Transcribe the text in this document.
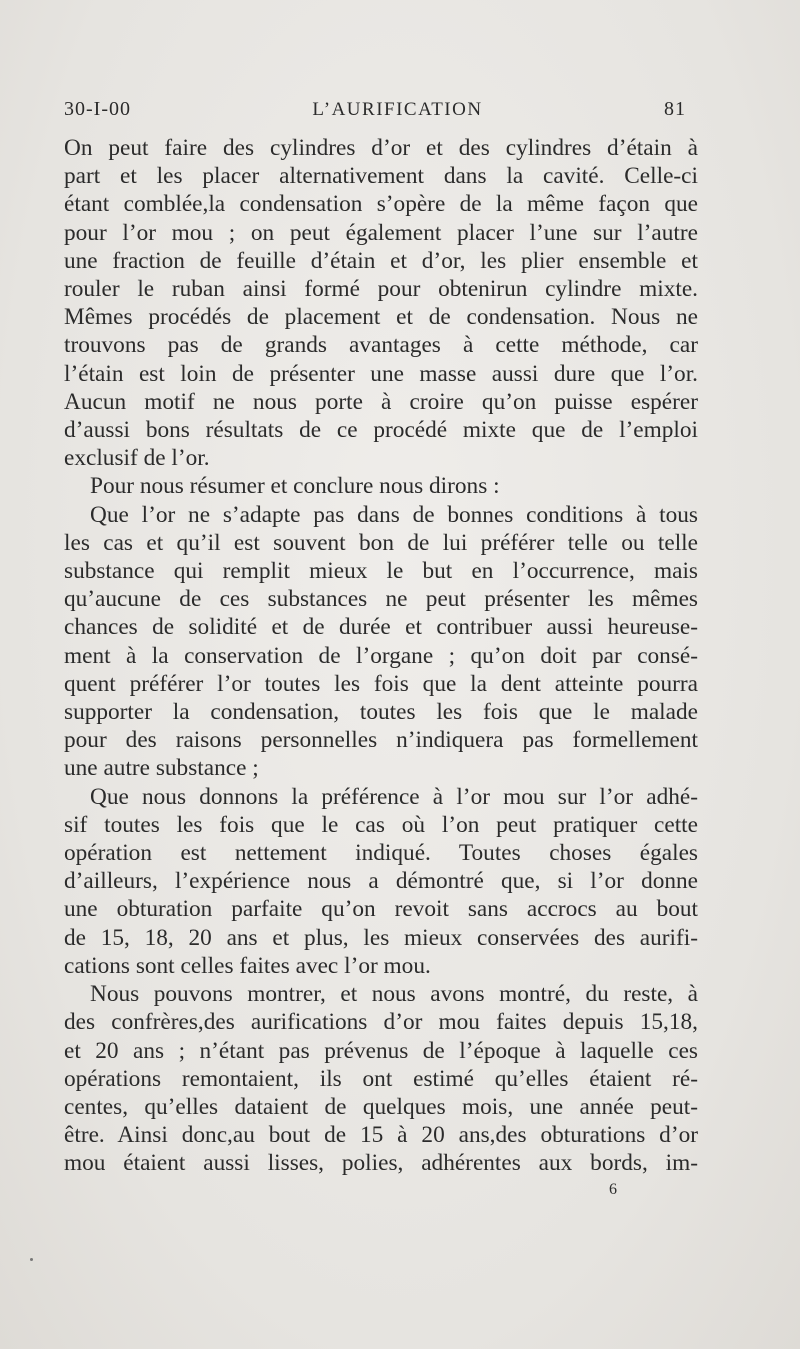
30-I-00	L’AURIFICATION	81

On peut faire des cylindres d’or et des cylindres d’étain à

part et les placer alternativement dans la cavité. Celle-ci

étant comblée,la condensation s’opère de la même façon que

pour l’or mou ; on peut également placer l’une sur l’autre

une fraction de feuille d’étain et d’or, les plier ensemble et

rouler le ruban ainsi formé pour obtenirun cylindre mixte.

Mêmes procédés de placement et de condensation. Nous ne

trouvons pas de grands avantages à cette méthode, car

l’étain est loin de présenter une masse aussi dure que l’or.

Aucun motif ne nous porte à croire qu’on puisse espérer

d’aussi bons résultats de ce procédé mixte que de l’emploi

exclusif de l’or.

Pour nous résumer et conclure nous dirons :

Que l’or ne s’adapte pas dans de bonnes conditions à tous

les cas et qu’il est souvent bon de lui préférer telle ou telle

substance qui remplit mieux le but en l’occurrence, mais

qu’aucune de ces substances ne peut présenter les mêmes

chances de solidité et de durée et contribuer aussi heureuse-

ment à la conservation de l’organe ; qu’on doit par consé-

quent préférer l’or toutes les fois que la dent atteinte pourra

supporter la condensation, toutes les fois que le malade

pour des raisons personnelles n’indiquera pas formellement

une autre substance ;

Que nous donnons la préférence à l’or mou sur l’or adhé-

sif toutes les fois que le cas où l’on peut pratiquer cette

opération est nettement indiqué. Toutes choses égales

d’ailleurs, l’expérience nous a démontré que, si l’or donne

une obturation parfaite qu’on revoit sans accrocs au bout

de 15, 18, 20 ans et plus, les mieux conservées des aurifi-

cations sont celles faites avec l’or mou.

Nous pouvons montrer, et nous avons montré, du reste, à

des confrères,des aurifications d’or mou faites depuis 15,18,

et 20 ans ; n’étant pas prévenus de l’époque à laquelle ces

opérations remontaient, ils ont estimé qu’elles étaient ré-

centes, qu’elles dataient de quelques mois, une année peut-

être. Ainsi donc,au bout de 15 à 20 ans,des obturations d’or

mou étaient aussi lisses, polies, adhérentes aux bords, im-

6
